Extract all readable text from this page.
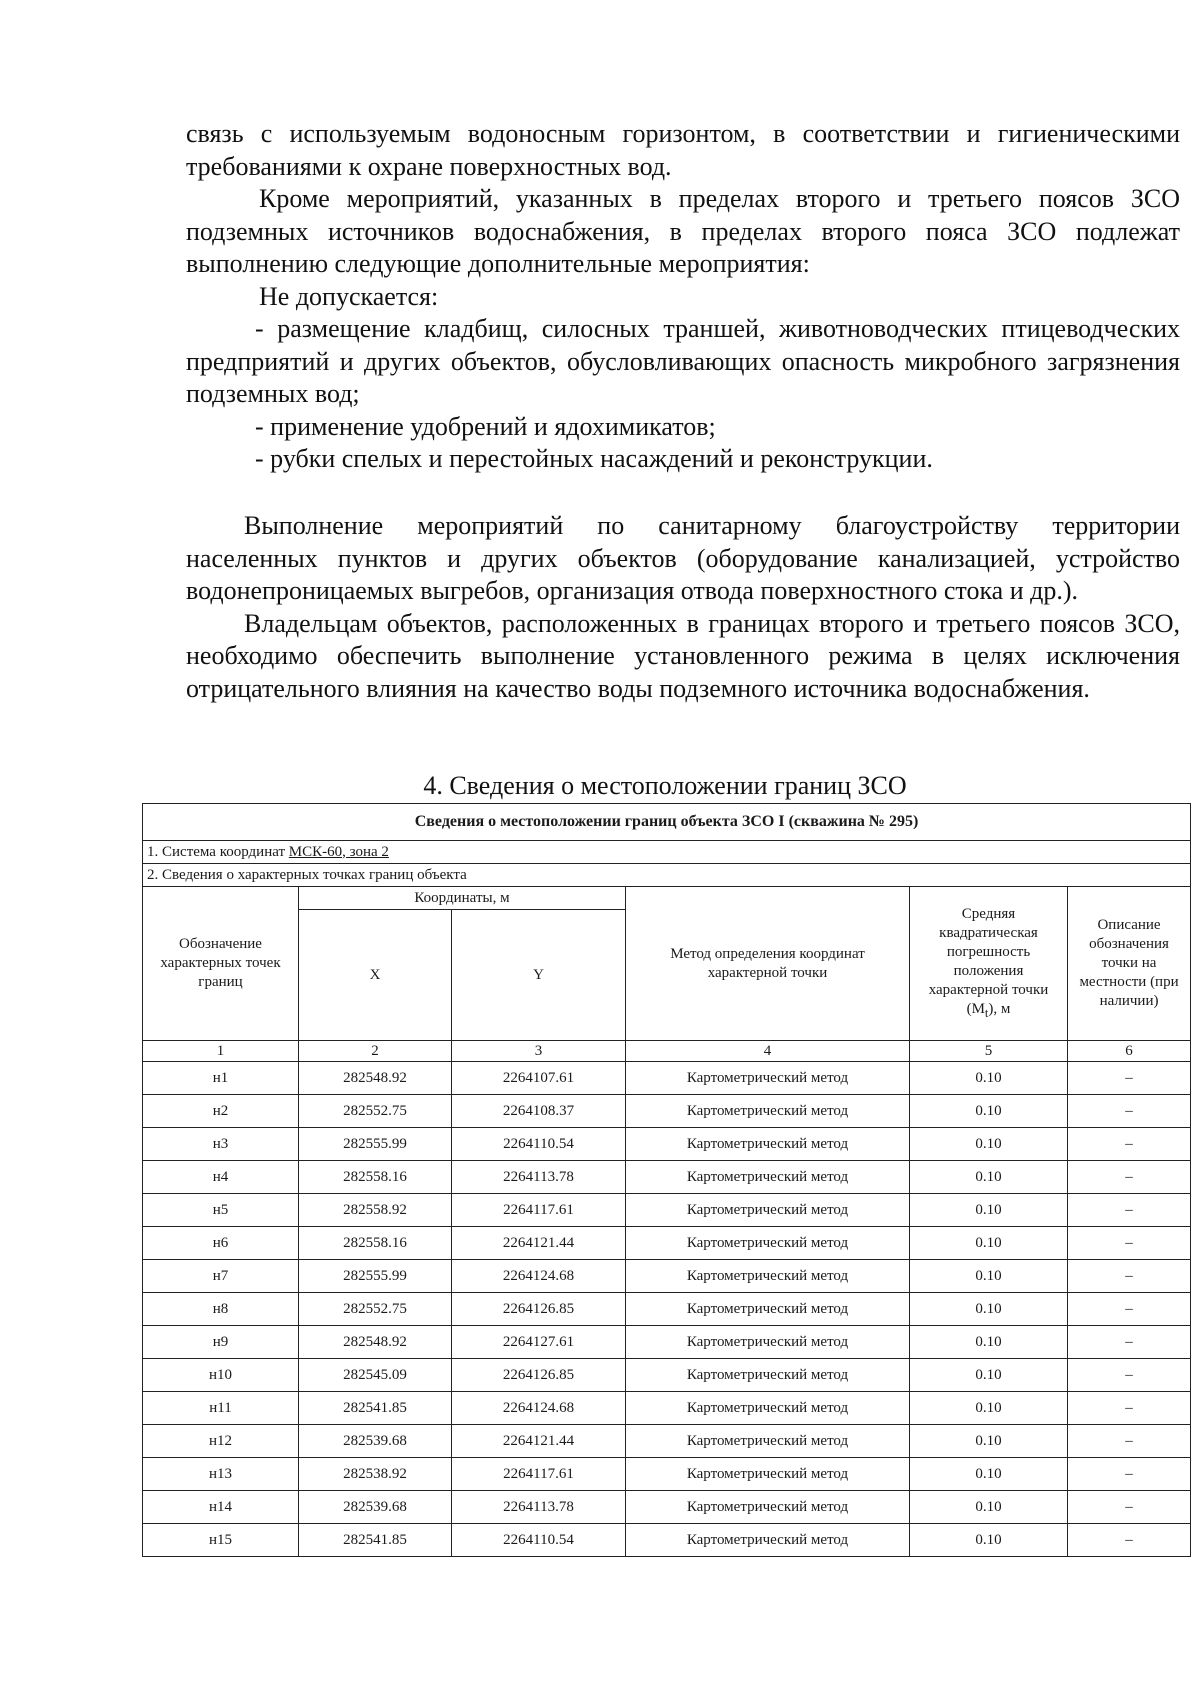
связь с используемым водоносным горизонтом, в соответствии и гигиеническими требованиями к охране поверхностных вод.

Кроме мероприятий, указанных в пределах второго и третьего поясов ЗСО подземных источников водоснабжения, в пределах второго пояса ЗСО подлежат выполнению следующие дополнительные мероприятия:

Не допускается:

- размещение кладбищ, силосных траншей, животноводческих птицеводческих предприятий и других объектов, обусловливающих опасность микробного загрязнения подземных вод;

- применение удобрений и ядохимикатов;

- рубки спелых и перестойных насаждений и реконструкции.

Выполнение мероприятий по санитарному благоустройству территории населенных пунктов и других объектов (оборудование канализацией, устройство водонепроницаемых выгребов, организация отвода поверхностного стока и др.).

Владельцам объектов, расположенных в границах второго и третьего поясов ЗСО, необходимо обеспечить выполнение установленного режима в целях исключения отрицательного влияния на качество воды подземного источника водоснабжения.

4. Сведения о местоположении границ ЗСО
Сведения о местоположении границ объекта ЗСО I (скважина № 295)					
1. Система координат МСК-60, зона 2					
2. Сведения о характерных точках границ объекта					
Обозначение характерных точек границ	Координаты, м		Метод определения координат характерной точки	Средняя квадратическая погрешность положения характерной точки $(M_t)$, м	Описание обозначения точки на местности (при наличии)
	X	Y			
1	2	3	4	5	6
н1	282548.92	2264107.61	Картометрический метод	0.10	–
н2	282552.75	2264108.37	Картометрический метод	0.10	–
н3	282555.99	2264110.54	Картометрический метод	0.10	–
н4	282558.16	2264113.78	Картометрический метод	0.10	–
н5	282558.92	2264117.61	Картометрический метод	0.10	–
н6	282558.16	2264121.44	Картометрический метод	0.10	–
н7	282555.99	2264124.68	Картометрический метод	0.10	–
н8	282552.75	2264126.85	Картометрический метод	0.10	–
н9	282548.92	2264127.61	Картометрический метод	0.10	–
н10	282545.09	2264126.85	Картометрический метод	0.10	–
н11	282541.85	2264124.68	Картометрический метод	0.10	–
н12	282539.68	2264121.44	Картометрический метод	0.10	–
н13	282538.92	2264117.61	Картометрический метод	0.10	–
н14	282539.68	2264113.78	Картометрический метод	0.10	–
н15	282541.85	2264110.54	Картометрический метод	0.10	–
